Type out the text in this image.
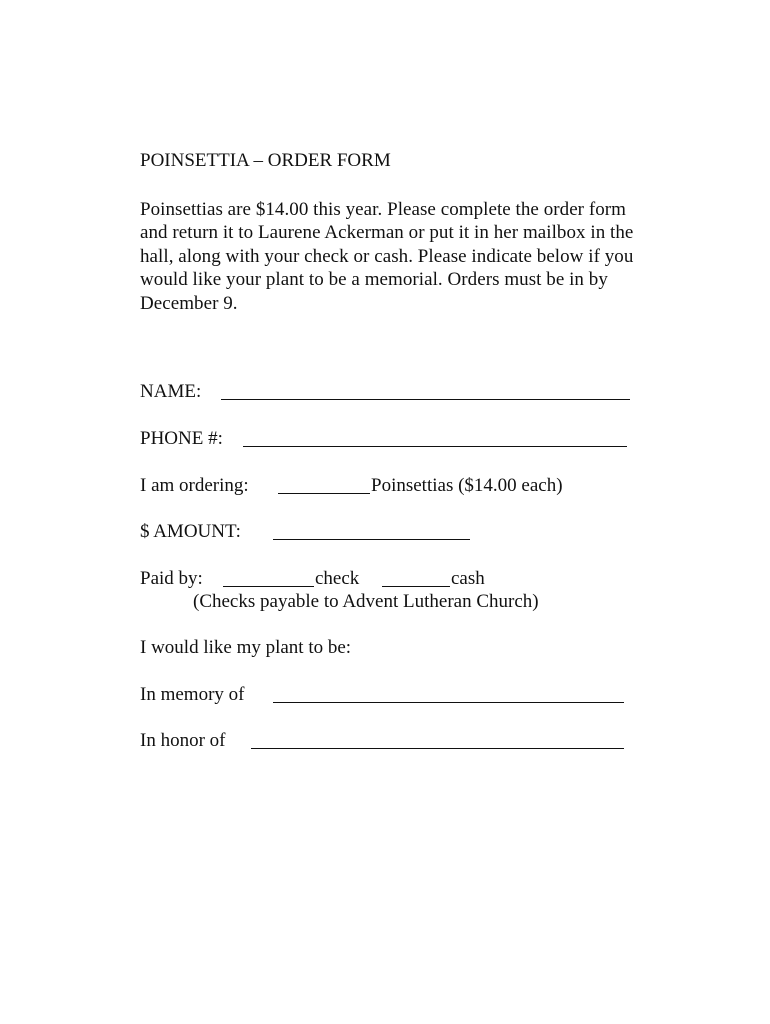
POINSETTIA – ORDER FORM
Poinsettias are $14.00 this year. Please complete the order form and return it to Laurene Ackerman or put it in her mailbox in the hall, along with your check or cash. Please indicate below if you would like your plant to be a memorial. Orders must be in by December 9.
NAME:
PHONE #:
I am ordering:	Poinsettias ($14.00 each)
$ AMOUNT:
Paid by:	check	cash
(Checks payable to Advent Lutheran Church)
I would like my plant to be:
In memory of
In honor of
